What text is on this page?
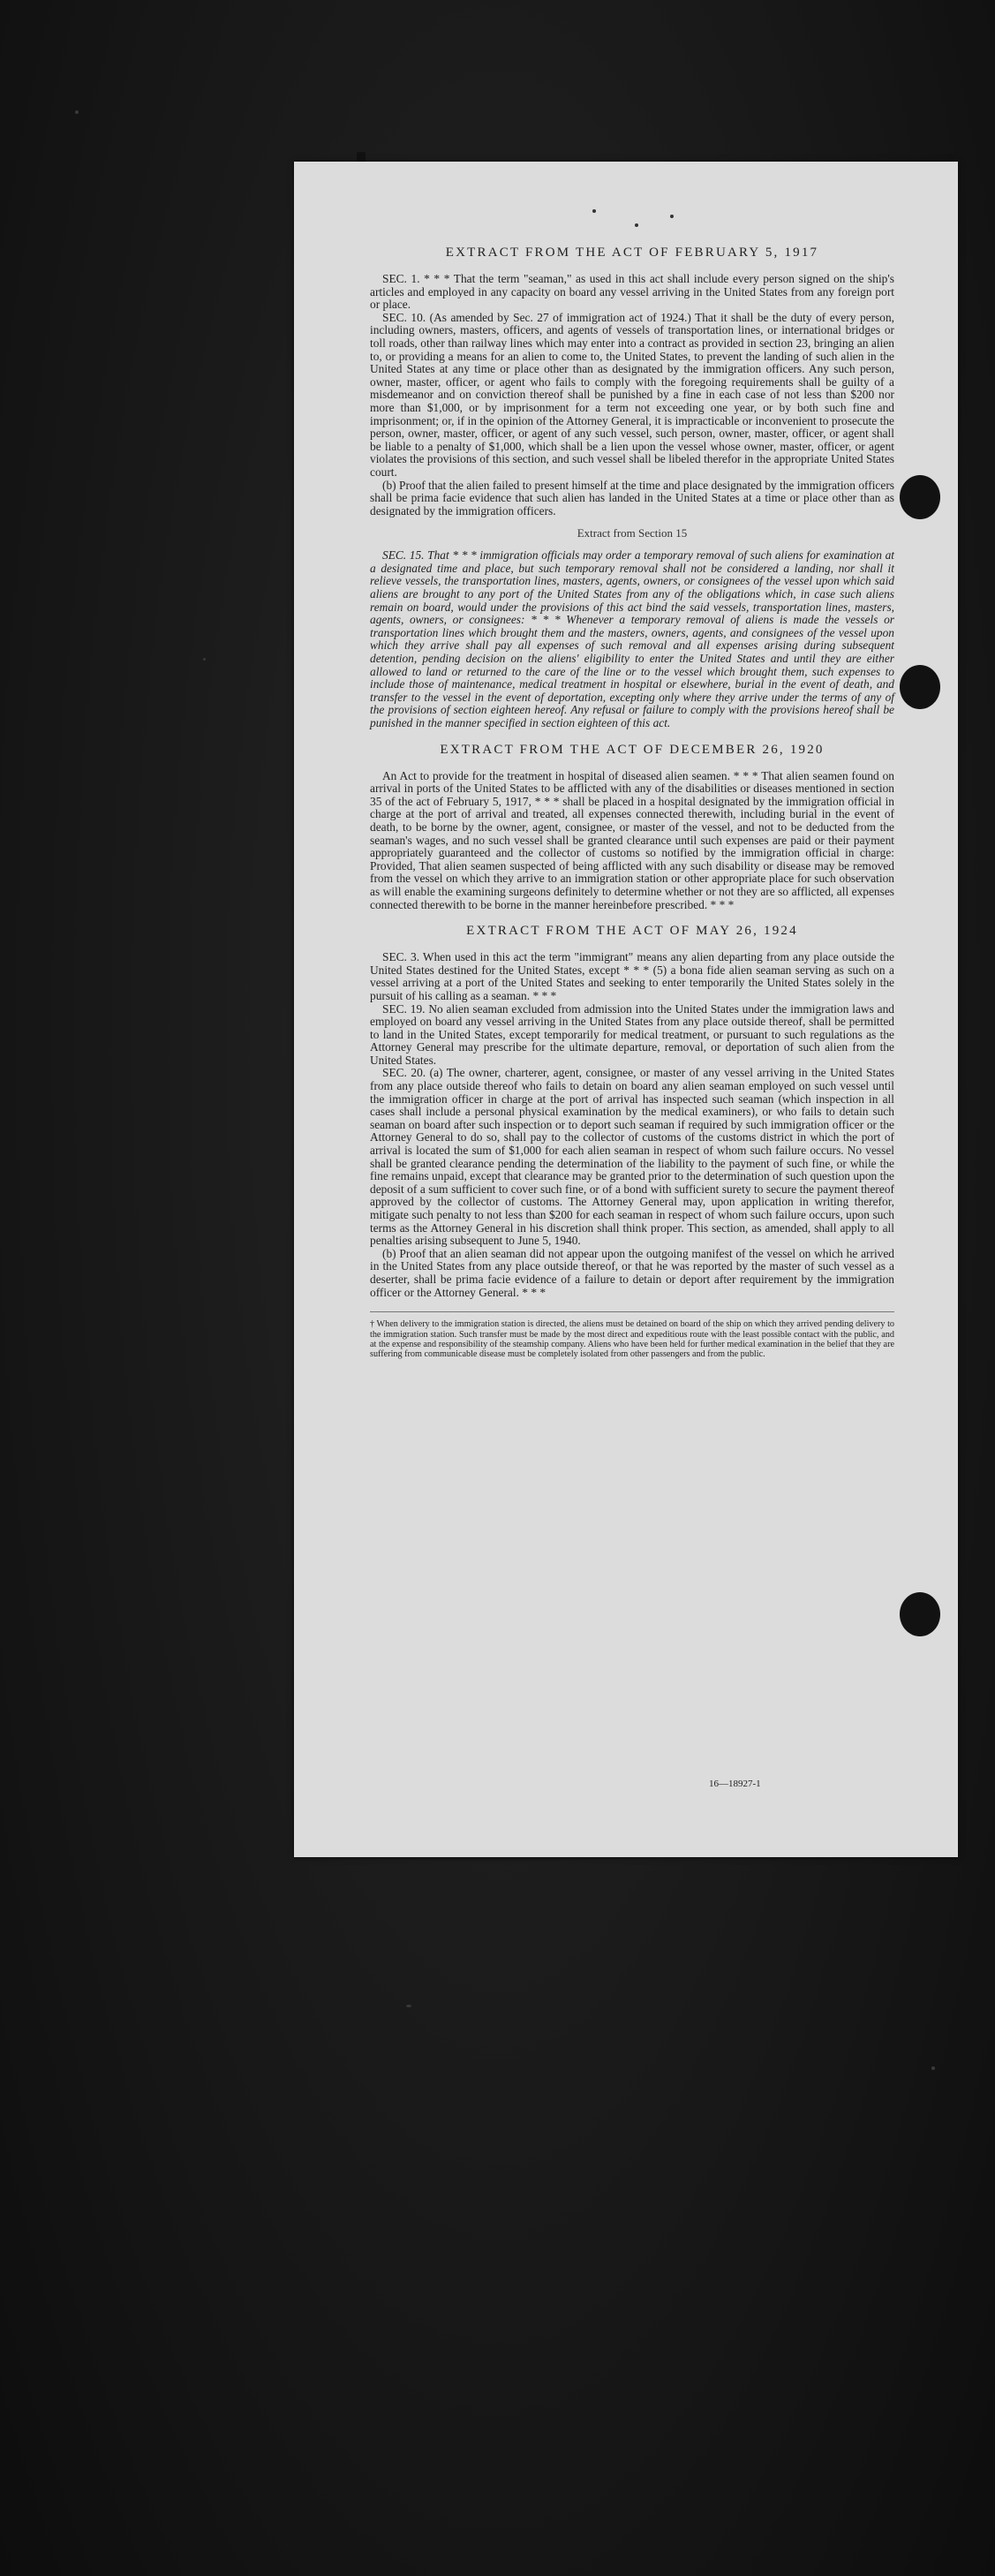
EXTRACT FROM THE ACT OF FEBRUARY 5, 1917

SEC. 1. * * * That the term "seaman," as used in this act shall include every person signed on the ship's articles and employed in any capacity on board any vessel arriving in the United States from any foreign port or place.

SEC. 10. (As amended by Sec. 27 of immigration act of 1924.) That it shall be the duty of every person, including owners, masters, officers, and agents of vessels of transportation lines, or international bridges or toll roads, other than railway lines which may enter into a contract as provided in section 23, bringing an alien to, or providing a means for an alien to come to, the United States, to prevent the landing of such alien in the United States at any time or place other than as designated by the immigration officers. Any such person, owner, master, officer, or agent who fails to comply with the foregoing requirements shall be guilty of a misdemeanor and on conviction thereof shall be punished by a fine in each case of not less than $200 nor more than $1,000, or by imprisonment for a term not exceeding one year, or by both such fine and imprisonment; or, if in the opinion of the Attorney General, it is impracticable or inconvenient to prosecute the person, owner, master, officer, or agent of any such vessel, such person, owner, master, officer, or agent shall be liable to a penalty of $1,000, which shall be a lien upon the vessel whose owner, master, officer, or agent violates the provisions of this section, and such vessel shall be libeled therefor in the appropriate United States court.

(b) Proof that the alien failed to present himself at the time and place designated by the immigration officers shall be prima facie evidence that such alien has landed in the United States at a time or place other than as designated by the immigration officers.

Extract from Section 15

SEC. 15. That * * * immigration officials may order a temporary removal of such aliens for examination at a designated time and place, but such temporary removal shall not be considered a landing, nor shall it relieve vessels, the transportation lines, masters, agents, owners, or consignees of the vessel upon which said aliens are brought to any port of the United States from any of the obligations which, in case such aliens remain on board, would under the provisions of this act bind the said vessels, transportation lines, masters, agents, owners, or consignees: * * * Whenever a temporary removal of aliens is made the vessels or transportation lines which brought them and the masters, owners, agents, and consignees of the vessel upon which they arrive shall pay all expenses of such removal and all expenses arising during subsequent detention, pending decision on the aliens' eligibility to enter the United States and until they are either allowed to land or returned to the care of the line or to the vessel which brought them, such expenses to include those of maintenance, medical treatment in hospital or elsewhere, burial in the event of death, and transfer to the vessel in the event of deportation, excepting only where they arrive under the terms of any of the provisions of section eighteen hereof. Any refusal or failure to comply with the provisions hereof shall be punished in the manner specified in section eighteen of this act.

EXTRACT FROM THE ACT OF DECEMBER 26, 1920

An Act to provide for the treatment in hospital of diseased alien seamen. * * * That alien seamen found on arrival in ports of the United States to be afflicted with any of the disabilities or diseases mentioned in section 35 of the act of February 5, 1917, * * * shall be placed in a hospital designated by the immigration official in charge at the port of arrival and treated, all expenses connected therewith, including burial in the event of death, to be borne by the owner, agent, consignee, or master of the vessel, and not to be deducted from the seaman's wages, and no such vessel shall be granted clearance until such expenses are paid or their payment appropriately guaranteed and the collector of customs so notified by the immigration official in charge: Provided, That alien seamen suspected of being afflicted with any such disability or disease may be removed from the vessel on which they arrive to an immigration station or other appropriate place for such observation as will enable the examining surgeons definitely to determine whether or not they are so afflicted, all expenses connected therewith to be borne in the manner hereinbefore prescribed. * * *

EXTRACT FROM THE ACT OF MAY 26, 1924

SEC. 3. When used in this act the term "immigrant" means any alien departing from any place outside the United States destined for the United States, except * * * (5) a bona fide alien seaman serving as such on a vessel arriving at a port of the United States and seeking to enter temporarily the United States solely in the pursuit of his calling as a seaman. * * *

SEC. 19. No alien seaman excluded from admission into the United States under the immigration laws and employed on board any vessel arriving in the United States from any place outside thereof, shall be permitted to land in the United States, except temporarily for medical treatment, or pursuant to such regulations as the Attorney General may prescribe for the ultimate departure, removal, or deportation of such alien from the United States.

SEC. 20. (a) The owner, charterer, agent, consignee, or master of any vessel arriving in the United States from any place outside thereof who fails to detain on board any alien seaman employed on such vessel until the immigration officer in charge at the port of arrival has inspected such seaman (which inspection in all cases shall include a personal physical examination by the medical examiners), or who fails to detain such seaman on board after such inspection or to deport such seaman if required by such immigration officer or the Attorney General to do so, shall pay to the collector of customs of the customs district in which the port of arrival is located the sum of $1,000 for each alien seaman in respect of whom such failure occurs. No vessel shall be granted clearance pending the determination of the liability to the payment of such fine, or while the fine remains unpaid, except that clearance may be granted prior to the determination of such question upon the deposit of a sum sufficient to cover such fine, or of a bond with sufficient surety to secure the payment thereof approved by the collector of customs. The Attorney General may, upon application in writing therefor, mitigate such penalty to not less than $200 for each seaman in respect of whom such failure occurs, upon such terms as the Attorney General in his discretion shall think proper. This section, as amended, shall apply to all penalties arising subsequent to June 5, 1940.

(b) Proof that an alien seaman did not appear upon the outgoing manifest of the vessel on which he arrived in the United States from any place outside thereof, or that he was reported by the master of such vessel as a deserter, shall be prima facie evidence of a failure to detain or deport after requirement by the immigration officer or the Attorney General. * * *

† When delivery to the immigration station is directed, the aliens must be detained on board of the ship on which they arrived pending delivery to the immigration station. Such transfer must be made by the most direct and expeditious route with the least possible contact with the public, and at the expense and responsibility of the steamship company. Aliens who have been held for further medical examination in the belief that they are suffering from communicable disease must be completely isolated from other passengers and from the public.

16—18927-1
